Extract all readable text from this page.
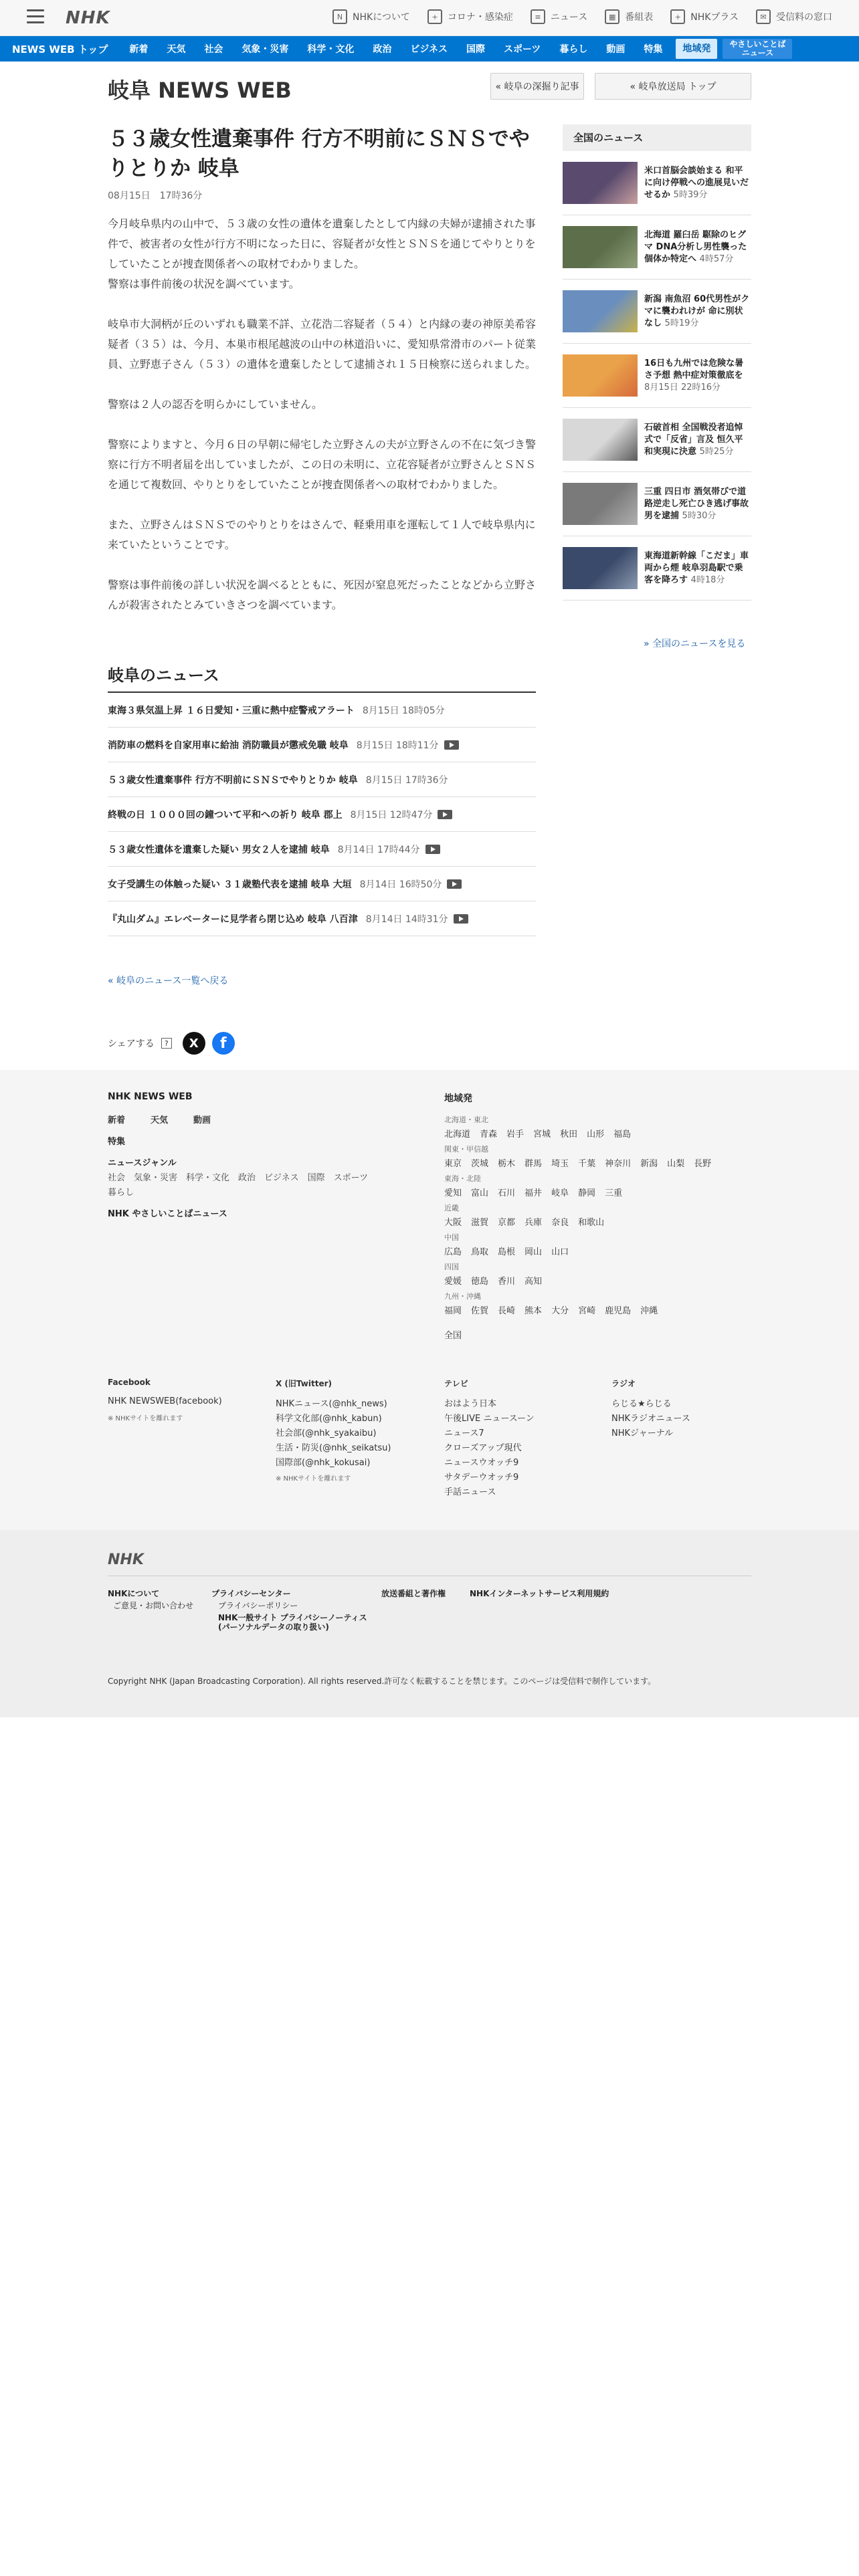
NHK	N	NHKについて	+	コロナ・感染症	≡	ニュース	▦ 番組表	+	NHKプラス	✉	受信料の窓口
NEWS WEB トップ	新着	天気	社会	気象・災害	科学・文化	政治	ビジネス	国際	スポーツ	暮らし	動画	特集	地域発	やさしいことば
ニュース
岐阜 NEWS WEB	« 岐阜の深掘り記事	« 岐阜放送局 トップ
５３歳女性遺棄事件 行方不明前にＳＮＳでやりとりか 岐阜
08月15日　17時36分

今月岐阜県内の山中で、５３歳の女性の遺体を遺棄したとして内縁の夫婦が逮捕された事件で、被害者の女性が行方不明になった日に、容疑者が女性とＳＮＳを通じてやりとりをしていたことが捜査関係者への取材でわかりました。
警察は事件前後の状況を調べています。

岐阜市大洞柄が丘のいずれも職業不詳、立花浩二容疑者（５４）と内縁の妻の神原美希容疑者（３５）は、今月、本巣市根尾越波の山中の林道沿いに、愛知県常滑市のパート従業員、立野恵子さん（５３）の遺体を遺棄したとして逮捕され１５日検察に送られました。

警察は２人の認否を明らかにしていません。

警察によりますと、今月６日の早朝に帰宅した立野さんの夫が立野さんの不在に気づき警察に行方不明者届を出していましたが、この日の未明に、立花容疑者が立野さんとＳＮＳを通じて複数回、やりとりをしていたことが捜査関係者への取材でわかりました。

また、立野さんはＳＮＳでのやりとりをはさんで、軽乗用車を運転して１人で岐阜県内に来ていたということです。

警察は事件前後の詳しい状況を調べるとともに、死因が窒息死だったことなどから立野さんが殺害されたとみていきさつを調べています。

岐阜のニュース
東海３県気温上昇 １６日愛知・三重に熱中症警戒アラート 8月15日 18時05分
消防車の燃料を自家用車に給油 消防職員が懲戒免職 岐阜 8月15日 18時11分
５３歳女性遺棄事件 行方不明前にＳＮＳでやりとりか 岐阜 8月15日 17時36分
終戦の日 １０００回の鐘ついて平和への祈り 岐阜 郡上 8月15日 12時47分
５３歳女性遺体を遺棄した疑い 男女２人を逮捕 岐阜 8月14日 17時44分
女子受講生の体触った疑い ３１歳塾代表を逮捕 岐阜 大垣 8月14日 16時50分
『丸山ダム』エレベーターに見学者ら閉じ込め 岐阜 八百津 8月14日 14時31分
« 岐阜のニュース一覧へ戻る
シェアする	?	X	f
全国のニュース
米口首脳会談始まる 和平に向け停戦への進展見いだせるか 5時39分
北海道 羅臼岳 駆除のヒグマ DNA分析し男性襲った個体か特定へ 4時57分
新潟 南魚沼 60代男性がクマに襲われけが 命に別状なし 5時19分
16日も九州では危険な暑さ予想 熱中症対策徹底を 8月15日 22時16分
石破首相 全国戦没者追悼式で「反省」言及 恒久平和実現に決意 5時25分
三重 四日市 酒気帯びで道路逆走し死亡ひき逃げ事故 男を逮捕 5時30分
東海道新幹線「こだま」車両から煙 岐阜羽島駅で乗客を降ろす 4時18分
» 全国のニュースを見る
NHK NEWS WEB
新着	天気	動画
特集
ニュースジャンル
社会　気象・災害　科学・文化　政治　ビジネス　国際　スポーツ
暮らし
NHK やさしいことばニュース
地域発
北海道・東北
北海道 青森 岩手 宮城 秋田 山形 福島
関東・甲信越
東京 茨城 栃木 群馬 埼玉 千葉 神奈川 新潟 山梨 長野
東海・北陸
愛知 富山 石川 福井 岐阜 静岡 三重
近畿
大阪 滋賀 京都 兵庫 奈良 和歌山
中国
広島 鳥取 島根 岡山 山口
四国
愛媛 徳島 香川 高知
九州・沖縄
福岡 佐賀 長崎 熊本 大分 宮崎 鹿児島 沖縄
全国
Facebook
NHK NEWSWEB(facebook)
※ NHKサイトを離れます
X (旧Twitter)
NHKニュース(@nhk_news)
科学文化部(@nhk_kabun)
社会部(@nhk_syakaibu)
生活・防災(@nhk_seikatsu)
国際部(@nhk_kokusai)
※ NHKサイトを離れます
テレビ
おはよう日本
午後LIVE ニュースーン
ニュース7
クローズアップ現代
ニュースウオッチ9
サタデーウオッチ9
手話ニュース
ラジオ
らじる★らじる
NHKラジオニュース
NHKジャーナル
NHK
NHKについて
ご意見・お問い合わせ
プライバシーセンター
プライバシーポリシー
NHK一般サイト プライバシーノーティス
(パーソナルデータの取り扱い)
放送番組と著作権	NHKインターネットサービス利用規約
Copyright NHK (Japan Broadcasting Corporation). All rights reserved.許可なく転載することを禁じます。このページは受信料で制作しています。
